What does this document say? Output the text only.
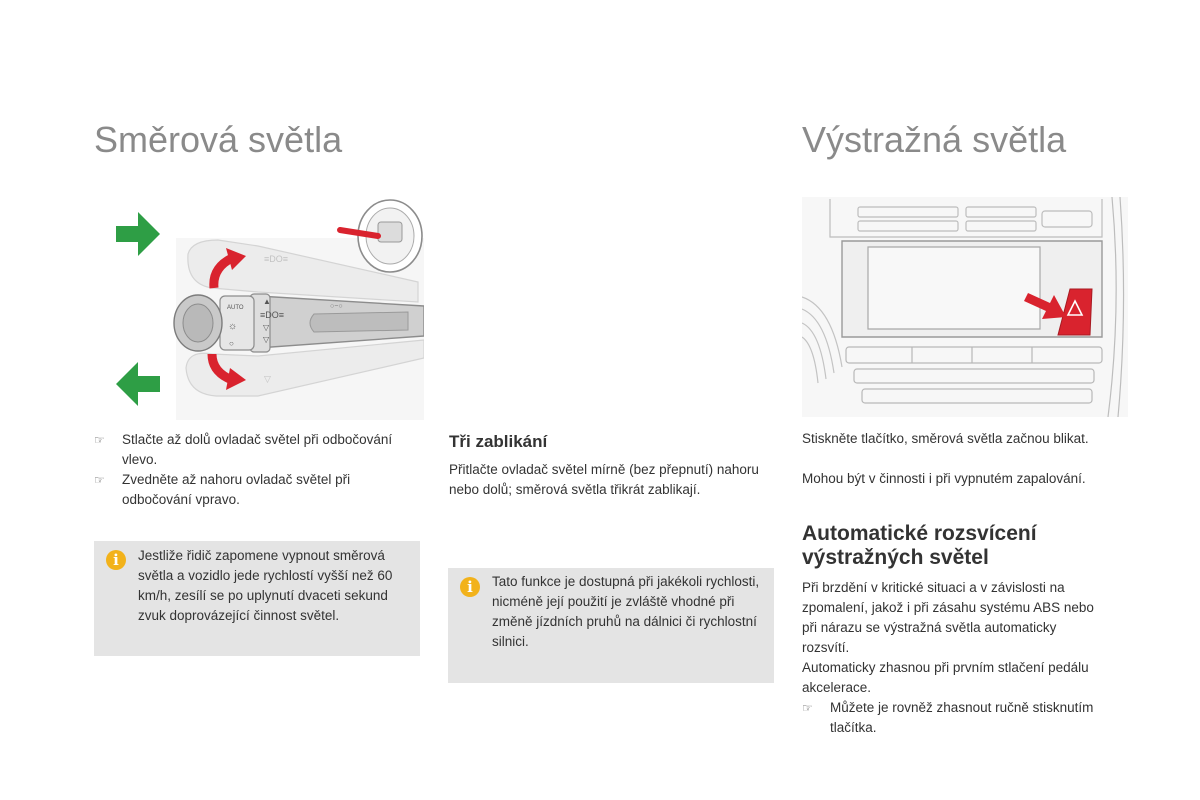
Směrová světla
≡DO≡
▽
AUTO
☼
○
▲
≡DO≡
▽
▽
○−○
☞ Stlačte až dolů ovladač světel při odbočování vlevo.
☞ Zvedněte až nahoru ovladač světel při odbočování vpravo.
i	Jestliže řidič zapomene vypnout směrová světla a vozidlo jede rychlostí vyšší než 60 km/h, zesílí se po uplynutí dvaceti sekund zvuk doprovázející činnost světel.

Tři zablikání

Přitlačte ovladač světel mírně (bez přepnutí) nahoru nebo dolů; směrová světla třikrát zablikají.

i	Tato funkce je dostupná při jakékoli rychlosti, nicméně její použití je zvláště vhodné při změně jízdních pruhů na dálnici či rychlostní silnici.

Výstražná světla

Stiskněte tlačítko, směrová světla začnou blikat.

Mohou být v činnosti i při vypnutém zapalování.

Automatické rozsvícení výstražných světel

Při brzdění v kritické situaci a v závislosti na zpomalení, jakož i při zásahu systému ABS nebo při nárazu se výstražná světla automaticky rozsvítí.

Automaticky zhasnou při prvním stlačení pedálu akcelerace.

☞ Můžete je rovněž zhasnout ručně stisknutím tlačítka.
